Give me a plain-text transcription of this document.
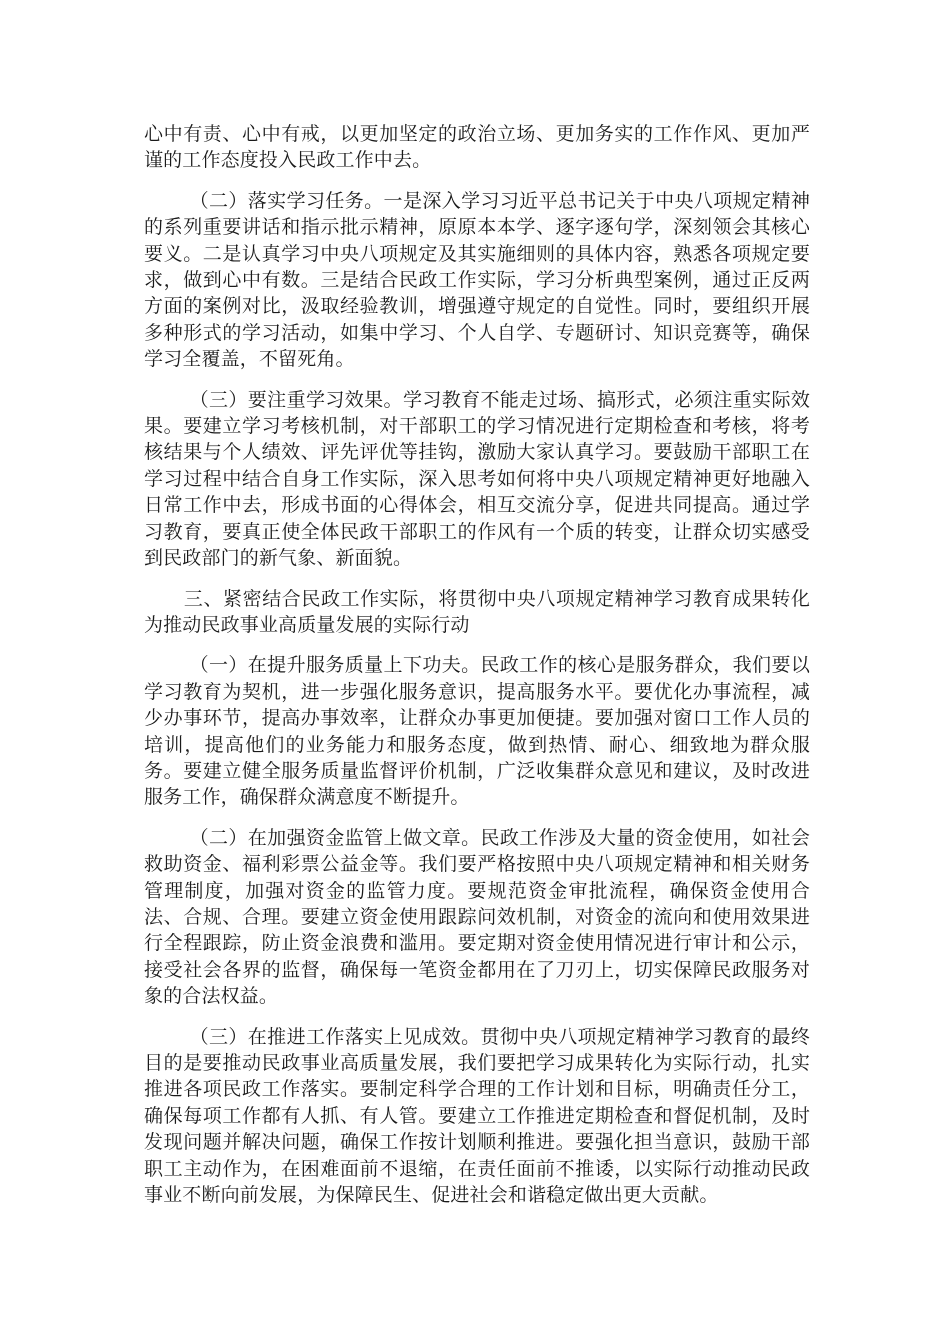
心中有责、心中有戒，以更加坚定的政治立场、更加务实的工作作风、更加严谨的工作态度投入民政工作中去。

（二）落实学习任务。一是深入学习习近平总书记关于中央八项规定精神的系列重要讲话和指示批示精神，原原本本学、逐字逐句学，深刻领会其核心要义。二是认真学习中央八项规定及其实施细则的具体内容，熟悉各项规定要求，做到心中有数。三是结合民政工作实际，学习分析典型案例，通过正反两方面的案例对比，汲取经验教训，增强遵守规定的自觉性。同时，要组织开展多种形式的学习活动，如集中学习、个人自学、专题研讨、知识竞赛等，确保学习全覆盖，不留死角。

（三）要注重学习效果。学习教育不能走过场、搞形式，必须注重实际效果。要建立学习考核机制，对干部职工的学习情况进行定期检查和考核，将考核结果与个人绩效、评先评优等挂钩，激励大家认真学习。要鼓励干部职工在学习过程中结合自身工作实际，深入思考如何将中央八项规定精神更好地融入日常工作中去，形成书面的心得体会，相互交流分享，促进共同提高。通过学习教育，要真正使全体民政干部职工的作风有一个质的转变，让群众切实感受到民政部门的新气象、新面貌。

三、紧密结合民政工作实际，将贯彻中央八项规定精神学习教育成果转化为推动民政事业高质量发展的实际行动

（一）在提升服务质量上下功夫。民政工作的核心是服务群众，我们要以学习教育为契机，进一步强化服务意识，提高服务水平。要优化办事流程，减少办事环节，提高办事效率，让群众办事更加便捷。要加强对窗口工作人员的培训，提高他们的业务能力和服务态度，做到热情、耐心、细致地为群众服务。要建立健全服务质量监督评价机制，广泛收集群众意见和建议，及时改进服务工作，确保群众满意度不断提升。

（二）在加强资金监管上做文章。民政工作涉及大量的资金使用，如社会救助资金、福利彩票公益金等。我们要严格按照中央八项规定精神和相关财务管理制度，加强对资金的监管力度。要规范资金审批流程，确保资金使用合法、合规、合理。要建立资金使用跟踪问效机制，对资金的流向和使用效果进行全程跟踪，防止资金浪费和滥用。要定期对资金使用情况进行审计和公示，接受社会各界的监督，确保每一笔资金都用在了刀刃上，切实保障民政服务对象的合法权益。

（三）在推进工作落实上见成效。贯彻中央八项规定精神学习教育的最终目的是要推动民政事业高质量发展，我们要把学习成果转化为实际行动，扎实推进各项民政工作落实。要制定科学合理的工作计划和目标，明确责任分工，确保每项工作都有人抓、有人管。要建立工作推进定期检查和督促机制，及时发现问题并解决问题，确保工作按计划顺利推进。要强化担当意识，鼓励干部职工主动作为，在困难面前不退缩，在责任面前不推诿，以实际行动推动民政事业不断向前发展，为保障民生、促进社会和谐稳定做出更大贡献。
